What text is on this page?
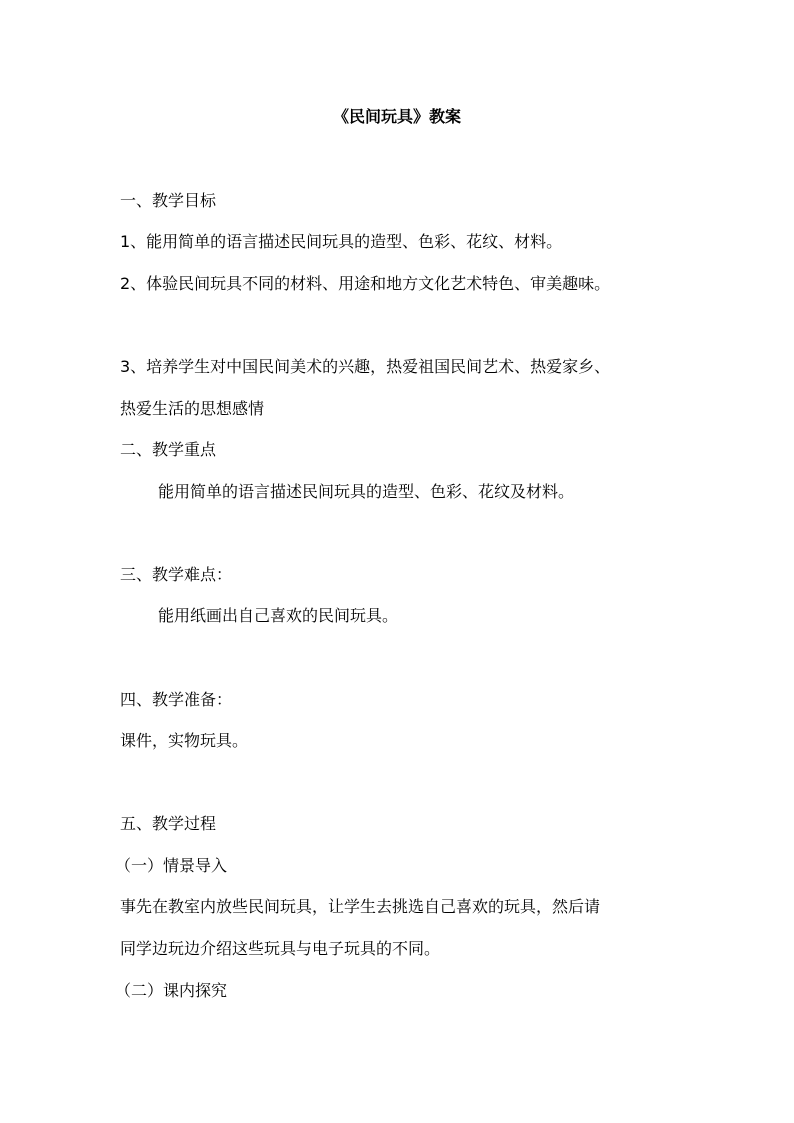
《民间玩具》教案
一、教学目标
1、能用简单的语言描述民间玩具的造型、色彩、花纹、材料。
2、体验民间玩具不同的材料、用途和地方文化艺术特色、审美趣味。
3、培养学生对中国民间美术的兴趣，热爱祖国民间艺术、热爱家乡、
热爱生活的思想感情
二、教学重点
能用简单的语言描述民间玩具的造型、色彩、花纹及材料。
三、教学难点：
能用纸画出自己喜欢的民间玩具。
四、教学准备：
课件，实物玩具。
五、教学过程
（一）情景导入
事先在教室内放些民间玩具，让学生去挑选自己喜欢的玩具，然后请
同学边玩边介绍这些玩具与电子玩具的不同。
（二）课内探究
